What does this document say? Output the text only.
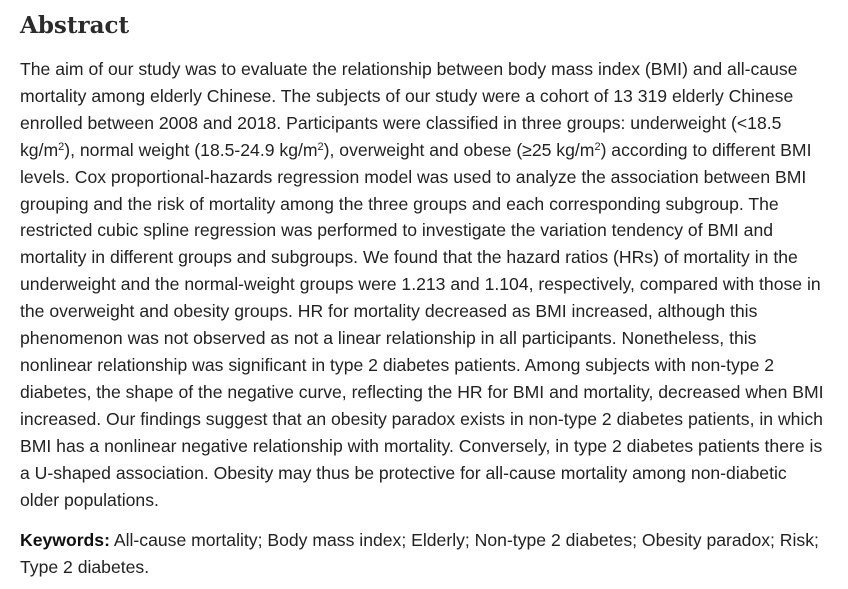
Abstract

The aim of our study was to evaluate the relationship between body mass index (BMI) and all-cause mortality among elderly Chinese. The subjects of our study were a cohort of 13 319 elderly Chinese enrolled between 2008 and 2018. Participants were classified in three groups: underweight (<18.5 $kg/m^2$), normal weight (18.5-24.9 $kg/m^2$), overweight and obese (≥25 $kg/m^2$) according to different BMI levels. Cox proportional-hazards regression model was used to analyze the association between BMI grouping and the risk of mortality among the three groups and each corresponding subgroup. The restricted cubic spline regression was performed to investigate the variation tendency of BMI and mortality in different groups and subgroups. We found that the hazard ratios (HRs) of mortality in the underweight and the normal-weight groups were 1.213 and 1.104, respectively, compared with those in the overweight and obesity groups. HR for mortality decreased as BMI increased, although this phenomenon was not observed as not a linear relationship in all participants. Nonetheless, this nonlinear relationship was significant in type 2 diabetes patients. Among subjects with non-type 2 diabetes, the shape of the negative curve, reflecting the HR for BMI and mortality, decreased when BMI increased. Our findings suggest that an obesity paradox exists in non-type 2 diabetes patients, in which BMI has a nonlinear negative relationship with mortality. Conversely, in type 2 diabetes patients there is a U-shaped association. Obesity may thus be protective for all-cause mortality among non-diabetic older populations.

Keywords: All-cause mortality; Body mass index; Elderly; Non-type 2 diabetes; Obesity paradox; Risk; Type 2 diabetes.
